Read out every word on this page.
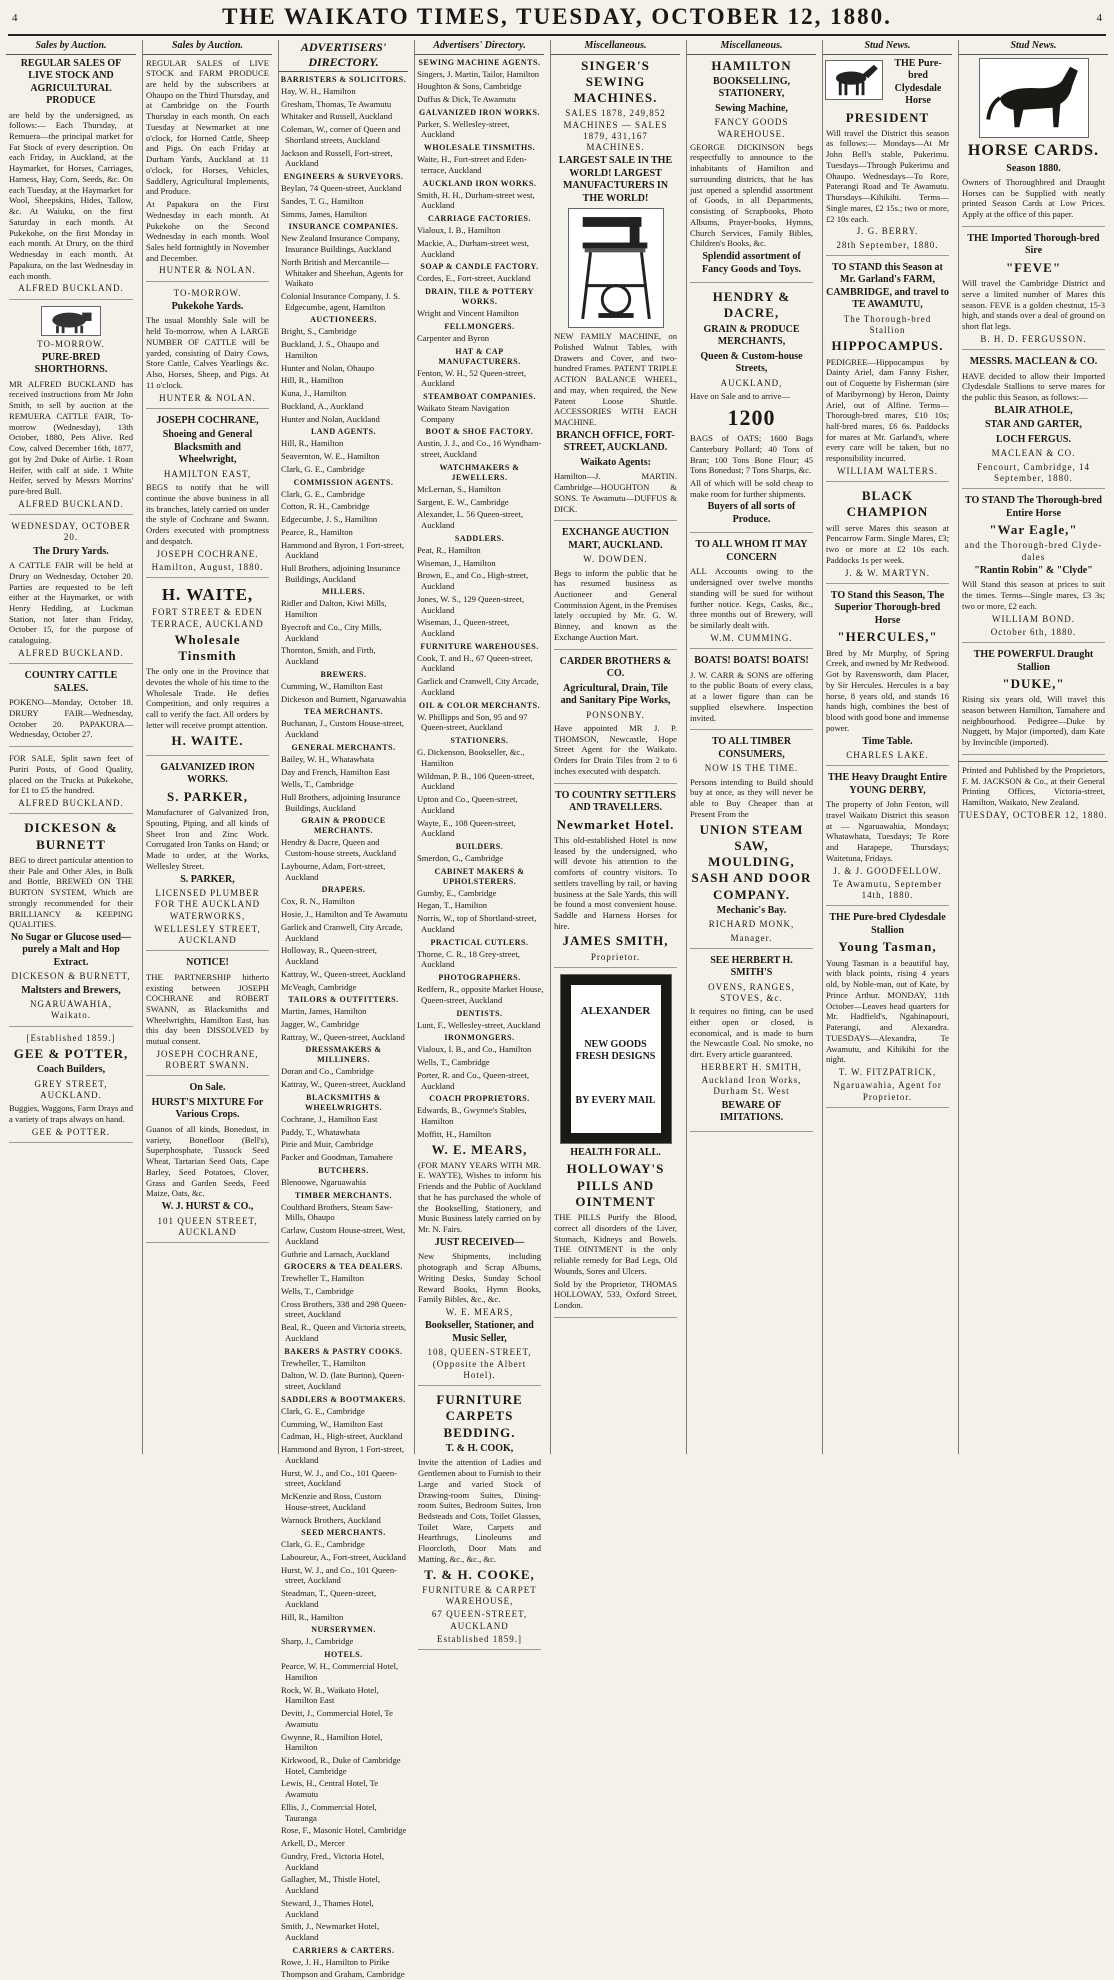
4	THE WAIKATO TIMES, TUESDAY, OCTOBER 12, 1880.	4
Sales by Auction.
REGULAR SALES OF LIVE STOCK AND AGRICULTURAL PRODUCE

are held by the undersigned, as follows:— Each Thursday, at Remuera—the principal market for Fat Stock of every description. On each Friday, in Auckland, at the Haymarket, for Horses, Carriages, Harness, Hay, Corn, Seeds, &c. On each Tuesday, at the Haymarket for Wool, Sheepskins, Hides, Tallow, &c. At Waiuku, on the first Saturday in each month. At Pukekohe, on the first Monday in each month. At Drury, on the third Wednesday in each month. At Papakura, on the last Wednesday in each month.

ALFRED BUCKLAND.
TO-MORROW.
PURE-BRED SHORTHORNS.

MR ALFRED BUCKLAND has received instructions from Mr John Smith, to sell by auction at the REMUERA CATTLE FAIR, To-morrow (Wednesday), 13th October, 1880, Pets Alive. Red Cow, calved December 16th, 1877, got by 2nd Duke of Airlie. 1 Roan Heifer, with calf at side. 1 White Heifer, served by Messrs Morrins' pure-bred Bull.

ALFRED BUCKLAND.
WEDNESDAY, OCTOBER 20.
The Drury Yards.

A CATTLE FAIR will be held at Drury on Wednesday, October 20. Parties are requested to be left either at the Haymarket, or with Henry Hedding, at Luckman Station, not later than Friday, October 15, for the purpose of cataloguing.

ALFRED BUCKLAND.
COUNTRY CATTLE SALES.

POKENO—Monday, October 18. DRURY FAIR—Wednesday, October 20. PAPAKURA—Wednesday, October 27.

FOR SALE, Split sawn feet of Puriri Posts, of Good Quality, placed on the Trucks at Pukekohe, for £1 to £5 the hundred.

ALFRED BUCKLAND.
DICKESON & BURNETT

BEG to direct particular attention to their Pale and Other Ales, in Bulk and Bottle, BREWED ON THE BURTON SYSTEM, Which are strongly recommended for their BRILLIANCY & KEEPING QUALITIES.

No Sugar or Glucose used—purely a Malt and Hop Extract.
DICKESON & BURNETT,
Maltsters and Brewers,
NGARUAWAHIA, Waikato.
[Established 1859.]
GEE & POTTER,
Coach Builders,
GREY STREET, AUCKLAND.

Buggies, Waggons, Farm Drays and a variety of traps always on hand.

GEE & POTTER.
Sales by Auction.

REGULAR SALES of LIVE STOCK and FARM PRODUCE are held by the subscribers at Ohaupo on the Third Thursday, and at Cambridge on the Fourth Thursday in each month. On each Tuesday at Newmarket at one o'clock, for Horned Cattle, Sheep and Pigs. On each Friday at Durham Yards, Auckland at 11 o'clock, for Horses, Vehicles, Saddlery, Agricultural Implements, and Produce.

At Papakura on the First Wednesday in each month. At Pukekohe on the Second Wednesday in each month. Wool Sales held fortnightly in November and December.

HUNTER & NOLAN.
TO-MORROW.
Pukekohe Yards.

The usual Monthly Sale will be held To-morrow, when A LARGE NUMBER OF CATTLE will be yarded, consisting of Dairy Cows, Store Cattle, Calves Yearlings &c. Also, Horses, Sheep, and Pigs. At 11 o'clock.

HUNTER & NOLAN.
JOSEPH COCHRANE,
Shoeing and General Blacksmith and Wheelwright,
HAMILTON EAST,

BEGS to notify that he will continue the above business in all its branches, lately carried on under the style of Cochrane and Swann. Orders executed with promptness and despatch.

JOSEPH COCHRANE.
Hamilton, August, 1880.
H. WAITE,
FORT STREET & EDEN TERRACE, AUCKLAND
Wholesale Tinsmith

The only one in the Province that devotes the whole of his time to the Wholesale Trade. He defies Competition, and only requires a call to verify the fact. All orders by letter will receive prompt attention.

H. WAITE.
GALVANIZED IRON WORKS.
S. PARKER,

Manufacturer of Galvanized Iron, Spouting, Piping, and all kinds of Sheet Iron and Zinc Work. Corrugated Iron Tanks on Hand; or Made to order, at the Works, Wellesley Street.

S. PARKER,
LICENSED PLUMBER FOR THE AUCKLAND WATERWORKS,
WELLESLEY STREET, AUCKLAND
NOTICE!

THE PARTNERSHIP hitherto existing between JOSEPH COCHRANE and ROBERT SWANN, as Blacksmiths and Wheelwrights, Hamilton East, has this day been DISSOLVED by mutual consent.

JOSEPH COCHRANE, ROBERT SWANN.
On Sale.
HURST'S MIXTURE For Various Crops.

Guanos of all kinds, Bonedust, in variety, Bonefloor (Bell's), Superphosphate, Tussock Seed Wheat, Tartarian Seed Oats, Cape Barley, Seed Potatoes, Clover, Grass and Garden Seeds, Feed Maize, Oats, &c.

W. J. HURST & CO.,
101 QUEEN STREET, AUCKLAND
ADVERTISERS' DIRECTORY.
BARRISTERS & SOLICITORS.
Hay, W. H., Hamilton
Gresham, Thomas, Te Awamutu
Whitaker and Russell, Auckland
Coleman, W., corner of Queen and Shortland streets, Auckland
Jackson and Russell, Fort-street, Auckland
ENGINEERS & SURVEYORS.
Beylan, 74 Queen-street, Auckland
Sandes, T. G., Hamilton
Simms, James, Hamilton
INSURANCE COMPANIES.
New Zealand Insurance Company, Insurance Buildings, Auckland
North British and Mercantile—Whitaker and Sheehan, Agents for Waikato
Colonial Insurance Company, J. S. Edgecumbe, agent, Hamilton
AUCTIONEERS.
Bright, S., Cambridge
Buckland, J. S., Ohaupo and Hamilton
Hunter and Nolan, Ohaupo
Hill, R., Hamilton
Kuna, J., Hamilton
Buckland, A., Auckland
Hunter and Nolan, Auckland
LAND AGENTS.
Hill, R., Hamilton
Seavernton, W. E., Hamilton
Clark, G. E., Cambridge
COMMISSION AGENTS.
Clark, G. E., Cambridge
Cotton, R. H., Cambridge
Edgecumbe, J. S., Hamilton
Pearce, R., Hamilton
Hammond and Byron, 1 Fort-street, Auckland
Hull Brothers, adjoining Insurance Buildings, Auckland
MILLERS.
Ridler and Dalton, Kiwi Mills, Hamilton
Byecroft and Co., City Mills, Auckland
Thornton, Smith, and Firth, Auckland
BREWERS.
Cumming, W., Hamilton East
Dickeson and Burnett, Ngaruawahia
TEA MERCHANTS.
Buchanan, J., Custom House-street, Auckland
GENERAL MERCHANTS.
Bailey, W. H., Whatawhata
Day and French, Hamilton East
Wells, T., Cambridge
Hull Brothers, adjoining Insurance Buildings, Auckland
GRAIN & PRODUCE MERCHANTS.
Hendry & Dacre, Queen and Custom-house streets, Auckland
Laybourne, Adam, Fort-street, Auckland
DRAPERS.
Cox, R. N., Hamilton
Hosie, J., Hamilton and Te Awamutu
Garlick and Cranwell, City Arcade, Auckland
Holloway, R., Queen-street, Auckland
Kattray, W., Queen-street, Auckland
McVeagh, Cambridge
TAILORS & OUTFITTERS.
Martin, James, Hamilton
Jagger, W., Cambridge
Rattray, W., Queen-street, Auckland
DRESSMAKERS & MILLINERS.
Doran and Co., Cambridge
Kattray, W., Queen-street, Auckland
BLACKSMITHS & WHEELWRIGHTS.
Cochrane, J., Hamilton East
Paddy, T., Whatawhata
Pirie and Muir, Cambridge
Packer and Goodman, Tamahere
BUTCHERS.
Blenoowe, Ngaruawahia
TIMBER MERCHANTS.
Coulthard Brothers, Steam Saw-Mills, Ohaupo
Carlaw, Custom House-street, West, Auckland
Guthrie and Larnach, Auckland
GROCERS & TEA DEALERS.
Trewheller T., Hamilton
Wells, T., Cambridge
Cross Brothers, 338 and 298 Queen-street, Auckland
Beal, R., Queen and Victoria streets, Auckland
BAKERS & PASTRY COOKS.
Trewheller, T., Hamilton
Dalton, W. D. (late Burton), Queen-street, Auckland
SADDLERS & BOOTMAKERS.
Clark, G. E., Cambridge
Cumming, W., Hamilton East
Cadman, H., High-street, Auckland
Hammond and Byron, 1 Fort-street, Auckland
Hurst, W. J., and Co., 101 Queen-street, Auckland
McKenzie and Ross, Custom House-street, Auckland
Warnock Brothers, Auckland
SEED MERCHANTS.
Clark, G. E., Cambridge
Laboureur, A., Fort-street, Auckland
Hurst, W. J., and Co., 101 Queen-street, Auckland
Steadman, T., Queen-street, Auckland
Hill, R., Hamilton
NURSERYMEN.
Sharp, J., Cambridge
HOTELS.
Pearce, W. H., Commercial Hotel, Hamilton
Rock, W. B., Waikato Hotel, Hamilton East
Devitt, J., Commercial Hotel, Te Awamutu
Gwynne, R., Hamilton Hotel, Hamilton
Kirkwood, R., Duke of Cambridge Hotel, Cambridge
Lewis, H., Central Hotel, Te Awamutu
Ellis, J., Commercial Hotel, Tauranga
Rose, F., Masonic Hotel, Cambridge
Arkell, D., Mercer
Gundry, Fred., Victoria Hotel, Auckland
Gallagher, M., Thistle Hotel, Auckland
Steward, J., Thames Hotel, Auckland
Smith, J., Newmarket Hotel, Auckland
CARRIERS & CARTERS.
Rowe, J. H., Hamilton to Pirike
Thompson and Graham, Cambridge
Advertisers' Directory.
SEWING MACHINE AGENTS.
Singers, J. Martin, Tailor, Hamilton
Houghton & Sons, Cambridge
Duffus & Dick, Te Awamutu
GALVANIZED IRON WORKS.
Parker, S. Wellesley-street, Auckland
WHOLESALE TINSMITHS.
Waite, H., Fort-street and Eden-terrace, Auckland
AUCKLAND IRON WORKS.
Smith, H. H., Durham-street west, Auckland
CARRIAGE FACTORIES.
Vialoux, I. B., Hamilton
Mackie, A., Durham-street west, Auckland
SOAP & CANDLE FACTORY.
Cordes, E., Fort-street, Auckland
DRAIN, TILE & POTTERY WORKS.
Wright and Vincent Hamilton
FELLMONGERS.
Carpenter and Byron
HAT & CAP MANUFACTURERS.
Fenton, W. H., 52 Queen-street, Auckland
STEAMBOAT COMPANIES.
Waikato Steam Navigation Company
BOOT & SHOE FACTORY.
Austin, J. J., and Co., 16 Wyndham-street, Auckland
WATCHMAKERS & JEWELLERS.
McLernan, S., Hamilton
Sargent, E. W., Cambridge
Alexander, L. 56 Queen-street, Auckland
SADDLERS.
Peat, R., Hamilton
Wiseman, J., Hamilton
Brown, E., and Co., High-street, Auckland
Jones, W. S., 129 Queen-street, Auckland
Wiseman, J., Queen-street, Auckland
FURNITURE WAREHOUSES.
Cook, T. and H., 67 Queen-street, Auckland
Garlick and Cranwell, City Arcade, Auckland
OIL & COLOR MERCHANTS.
W. Phillipps and Son, 95 and 97 Queen-street, Auckland
STATIONERS.
G. Dickenson, Bookseller, &c., Hamilton
Wildman, P. B., 106 Queen-street, Auckland
Upton and Co., Queen-street, Auckland
Wayte, E., 108 Queen-street, Auckland
BUILDERS.
Smerdon, G., Cambridge
CABINET MAKERS & UPHOLSTERERS.
Gumby, E., Cambridge
Hegan, T., Hamilton
Norris, W., top of Shortland-street, Auckland
PRACTICAL CUTLERS.
Thorne, C. R., 18 Grey-street, Auckland
PHOTOGRAPHERS.
Redfern, R., opposite Market House, Queen-street, Auckland
DENTISTS.
Lunt, F., Wellesley-street, Auckland
IRONMONGERS.
Vialoux, I. B., and Co., Hamilton
Wells, T., Cambridge
Porter, R. and Co., Queen-street, Auckland
COACH PROPRIETORS.
Edwards, B., Gwynne's Stables, Hamilton
Moffitt, H., Hamilton
W. E. MEARS,

(FOR MANY YEARS WITH MR. E. WAYTE), Wishes to inform his Friends and the Public of Auckland that he has purchased the whole of the Bookselling, Stationery, and Music Business lately carried on by Mr. N. Fairs.

JUST RECEIVED—

New Shipments, including photograph and Scrap Albums, Writing Desks, Sunday School Reward Books, Hymn Books, Family Bibles, &c., &c.

W. E. MEARS,
Bookseller, Stationer, and Music Seller,
108, QUEEN-STREET, (Opposite the Albert Hotel).
FURNITURE CARPETS BEDDING.
T. & H. COOK,

Invite the attention of Ladies and Gentlemen about to Furnish to their Large and varied Stock of Drawing-room Suites, Dining-room Suites, Bedroom Suites, Iron Bedsteads and Cots, Toilet Glasses, Toilet Ware, Carpets and Hearthrugs, Linoleums and Floorcloth, Door Mats and Matting, &c., &c., &c.

T. & H. COOKE,
FURNITURE & CARPET WAREHOUSE,
67 QUEEN-STREET, AUCKLAND
Established 1859.]
Miscellaneous.
SINGER'S SEWING MACHINES.
SALES 1878, 249,852 MACHINES — SALES 1879, 431,167 MACHINES.
LARGEST SALE IN THE WORLD! LARGEST MANUFACTURERS IN THE WORLD!

NEW FAMILY MACHINE, on Polished Walnut Tables, with Drawers and Cover, and two-hundred Frames. PATENT TRIPLE ACTION BALANCE WHEEL, and may, when required, the New Patent Loose Shuttle. ACCESSORIES WITH EACH MACHINE.

BRANCH OFFICE, FORT-STREET, AUCKLAND.
Waikato Agents:

Hamilton—J. MARTIN. Cambridge—HOUGHTON & SONS. Te Awamutu—DUFFUS & DICK.

EXCHANGE AUCTION MART, AUCKLAND.
W. DOWDEN.

Begs to inform the public that he has resumed business as Auctioneer and General Commission Agent, in the Premises lately occupied by Mr. G. W. Binney, and known as the Exchange Auction Mart.

CARDER BROTHERS & CO.
Agricultural, Drain, Tile and Sanitary Pipe Works,
PONSONBY.

Have appointed MR J. P. THOMSON, Newcastle, Hope Street Agent for the Waikato. Orders for Drain Tiles from 2 to 6 inches executed with despatch.

TO COUNTRY SETTLERS AND TRAVELLERS.
Newmarket Hotel.

This old-established Hotel is now leased by the undersigned, who will devote his attention to the comforts of country visitors. To settlers travelling by rail, or having business at the Sale Yards, this will be found a most convenient house. Saddle and Harness Horses for hire.

JAMES SMITH,
Proprietor.
ALEXANDER
NEW GOODS FRESH DESIGNS
BY EVERY MAIL
HEALTH FOR ALL.
HOLLOWAY'S PILLS AND OINTMENT

THE PILLS Purify the Blood, correct all disorders of the Liver, Stomach, Kidneys and Bowels. THE OINTMENT is the only reliable remedy for Bad Legs, Old Wounds, Sores and Ulcers.

Sold by the Proprietor, THOMAS HOLLOWAY, 533, Oxford Street, London.

Miscellaneous.
HAMILTON
BOOKSELLING, STATIONERY,
Sewing Machine,
FANCY GOODS WAREHOUSE.

GEORGE DICKINSON begs respectfully to announce to the inhabitants of Hamilton and surrounding districts, that he has just opened a splendid assortment of Goods, in all Departments, consisting of Scrapbooks, Photo Albums, Prayer-books, Hymns, Church Services, Family Bibles, Children's Books, &c.

Splendid assortment of Fancy Goods and Toys.
HENDRY & DACRE,
GRAIN & PRODUCE MERCHANTS,
Queen & Custom-house Streets,
AUCKLAND,

Have on Sale and to arrive—

1200

BAGS of OATS; 1600 Bags Canterbury Pollard; 40 Tons of Bran; 100 Tons Bone Flour; 45 Tons Bonedust; 7 Tons Sharps, &c.

All of which will be sold cheap to make room for further shipments.

Buyers of all sorts of Produce.
TO ALL WHOM IT MAY CONCERN

ALL Accounts owing to the undersigned over twelve months standing will be sued for without further notice. Kegs, Casks, &c., three months out of Brewery, will be similarly dealt with.

W.M. CUMMING.
BOATS! BOATS! BOATS!

J. W. CARR & SONS are offering to the public Boats of every class, at a lower figure than can be supplied elsewhere. Inspection invited.

TO ALL TIMBER CONSUMERS,
NOW IS THE TIME.

Persons intending to Build should buy at once, as they will never be able to Buy Cheaper than at Present From the

UNION STEAM SAW, MOULDING, SASH AND DOOR COMPANY.
Mechanic's Bay.
RICHARD MONK,
Manager.
SEE HERBERT H. SMITH'S
OVENS, RANGES, STOVES, &c.

It requires no fitting, can be used either open or closed, is economical, and is made to burn the Newcastle Coal. No smoke, no dirt. Every article guaranteed.

HERBERT H. SMITH,
Auckland Iron Works, Durham St. West
BEWARE OF IMITATIONS.
Stud News.
THE Pure-bred Clydesdale Horse
PRESIDENT

Will travel the District this season as follows:— Mondays—At Mr John Bell's stable, Pukerimu. Tuesdays—Through Pukerimu and Ohaupo. Wednesdays—To Rore, Paterangi Road and Te Awamutu. Thursdays—Kihikihi. Terms—Single mares, £2 15s.; two or more, £2 10s each.

J. G. BERRY.
28th September, 1880.
TO STAND this Season at Mr. Garland's FARM, CAMBRIDGE, and travel to TE AWAMUTU,
The Thorough-bred Stallion
HIPPOCAMPUS.

PEDIGREE—Hippocampus by Dainty Ariel, dam Fanny Fisher, out of Coquette by Fisherman (sire of Maribyrnong) by Heron, Dainty Ariel, out of Alfine. Terms—Thorough-bred mares, £10 10s; half-bred mares, £6 6s. Paddocks for mares at Mr. Garland's, where every care will be taken, but no responsibility incurred.

WILLIAM WALTERS.
BLACK CHAMPION

will serve Mares this season at Pencarrow Farm. Single Mares, £3; two or more at £2 10s each. Paddocks 1s per week.

J. & W. MARTYN.
TO Stand this Season, The Superior Thorough-bred Horse
"HERCULES,"

Bred by Mr Murphy, of Spring Creek, and owned by Mr Redwood. Got by Ravensworth, dam Placer, by Sir Hercules. Hercules is a bay horse, 8 years old, and stands 16 hands high, combines the best of blood with good bone and immense power.

Time Table.
CHARLES LAKE.
THE Heavy Draught Entire YOUNG DERBY,

The property of John Fenton, will travel Waikato District this season at — Ngaruawahia, Mondays; Whatawhata, Tuesdays; Te Rore and Harapepe, Thursdays; Waitetuna, Fridays.

J. & J. GOODFELLOW.
Te Awamutu, September 14th, 1880.
THE Pure-bred Clydesdale Stallion
Young Tasman,

Young Tasman is a beautiful bay, with black points, rising 4 years old, by Noble-man, out of Kate, by Prince Arthur. MONDAY, 11th October—Leaves head quarters for Mr. Hadfield's, Ngahinapouri, Paterangi, and Alexandra. TUESDAYS—Alexandra, Te Awamutu, and Kihikihi for the night.

T. W. FITZPATRICK,
Ngaruawahia, Agent for Proprietor.
Stud News.
HORSE CARDS.
Season 1880.

Owners of Thoroughbred and Draught Horses can be Supplied with neatly printed Season Cards at Low Prices. Apply at the office of this paper.

THE Imported Thorough-bred Sire
"FEVE"

Will travel the Cambridge District and serve a limited number of Mares this season. FEVE is a golden chestnut, 15-3 high, and stands over a deal of ground on short flat legs.

B. H. D. FERGUSSON.
MESSRS. MACLEAN & CO.

HAVE decided to allow their Imported Clydesdale Stallions to serve mares for the public this Season, as follows:—

BLAIR ATHOLE,
STAR AND GARTER,
LOCH FERGUS.
MACLEAN & CO.
Fencourt, Cambridge, 14 September, 1880.
TO STAND The Thorough-bred Entire Horse
"War Eagle,"
and the Thorough-bred Clyde-dales
"Rantin Robin" & "Clyde"

Will Stand this season at prices to suit the times. Terms—Single mares, £3 3s; two or more, £2 each.

WILLIAM BOND.
October 6th, 1880.
THE POWERFUL Draught Stallion
"DUKE,"

Rising six years old, Will travel this season between Hamilton, Tamahere and neighbourhood. Pedigree—Duke by Nuggett, by Major (imported), dam Kate by Invincible (imported).

Printed and Published by the Proprietors, F. M. JACKSON & Co., at their General Printing Offices, Victoria-street, Hamilton, Waikato, New Zealand.

TUESDAY, OCTOBER 12, 1880.
